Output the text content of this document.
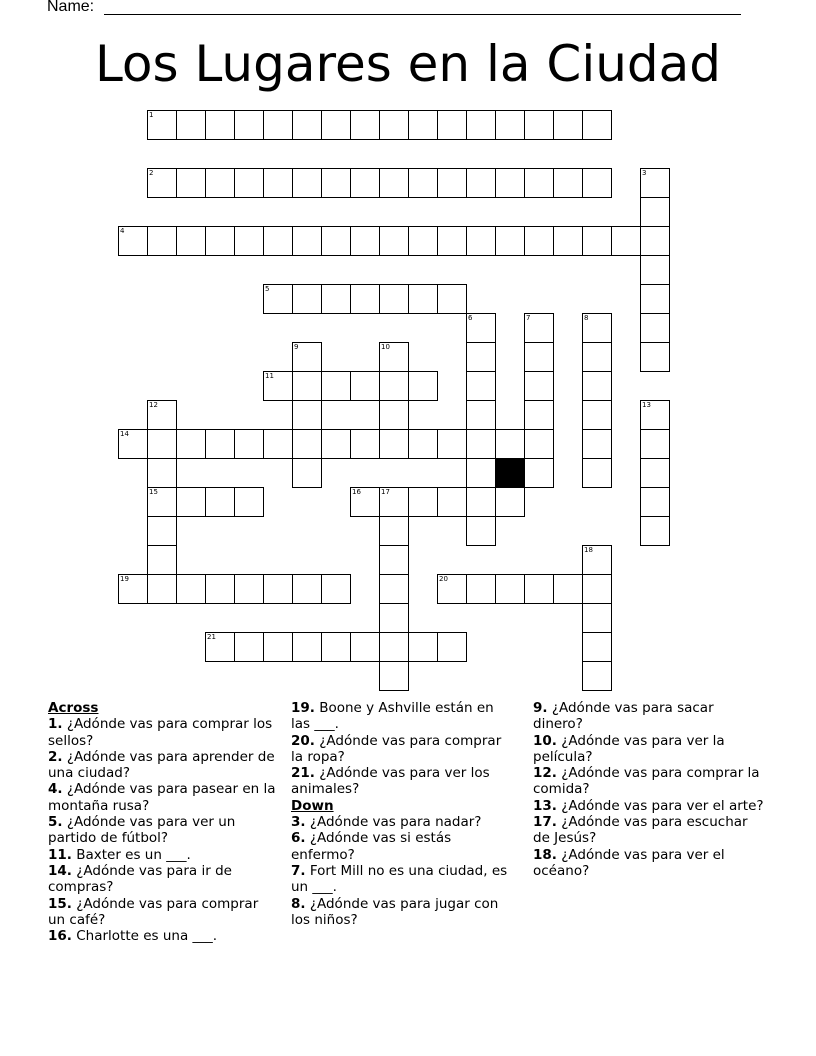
Name:
Los Lugares en la Ciudad
1
2	3
4
5
6	7	8
9	10
11
12
15
13
14
16	17
18
19	20
21
Across
1. ¿Adónde vas para comprar los sellos?
2. ¿Adónde vas para aprender de una ciudad?
4. ¿Adónde vas para pasear en la montaña rusa?
5. ¿Adónde vas para ver un partido de fútbol?
11. Baxter es un ___.
14. ¿Adónde vas para ir de compras?
15. ¿Adónde vas para comprar un café?
16. Charlotte es una ___.
19. Boone y Ashville están en las ___.
20. ¿Adónde vas para comprar la ropa?
21. ¿Adónde vas para ver los animales?
Down
3. ¿Adónde vas para nadar?
6. ¿Adónde vas si estás enfermo?
7. Fort Mill no es una ciudad, es un ___.
8. ¿Adónde vas para jugar con los niños?
9. ¿Adónde vas para sacar dinero?
10. ¿Adónde vas para ver la película?
12. ¿Adónde vas para comprar la comida?
13. ¿Adónde vas para ver el arte?
17. ¿Adónde vas para escuchar de Jesús?
18. ¿Adónde vas para ver el océano?
